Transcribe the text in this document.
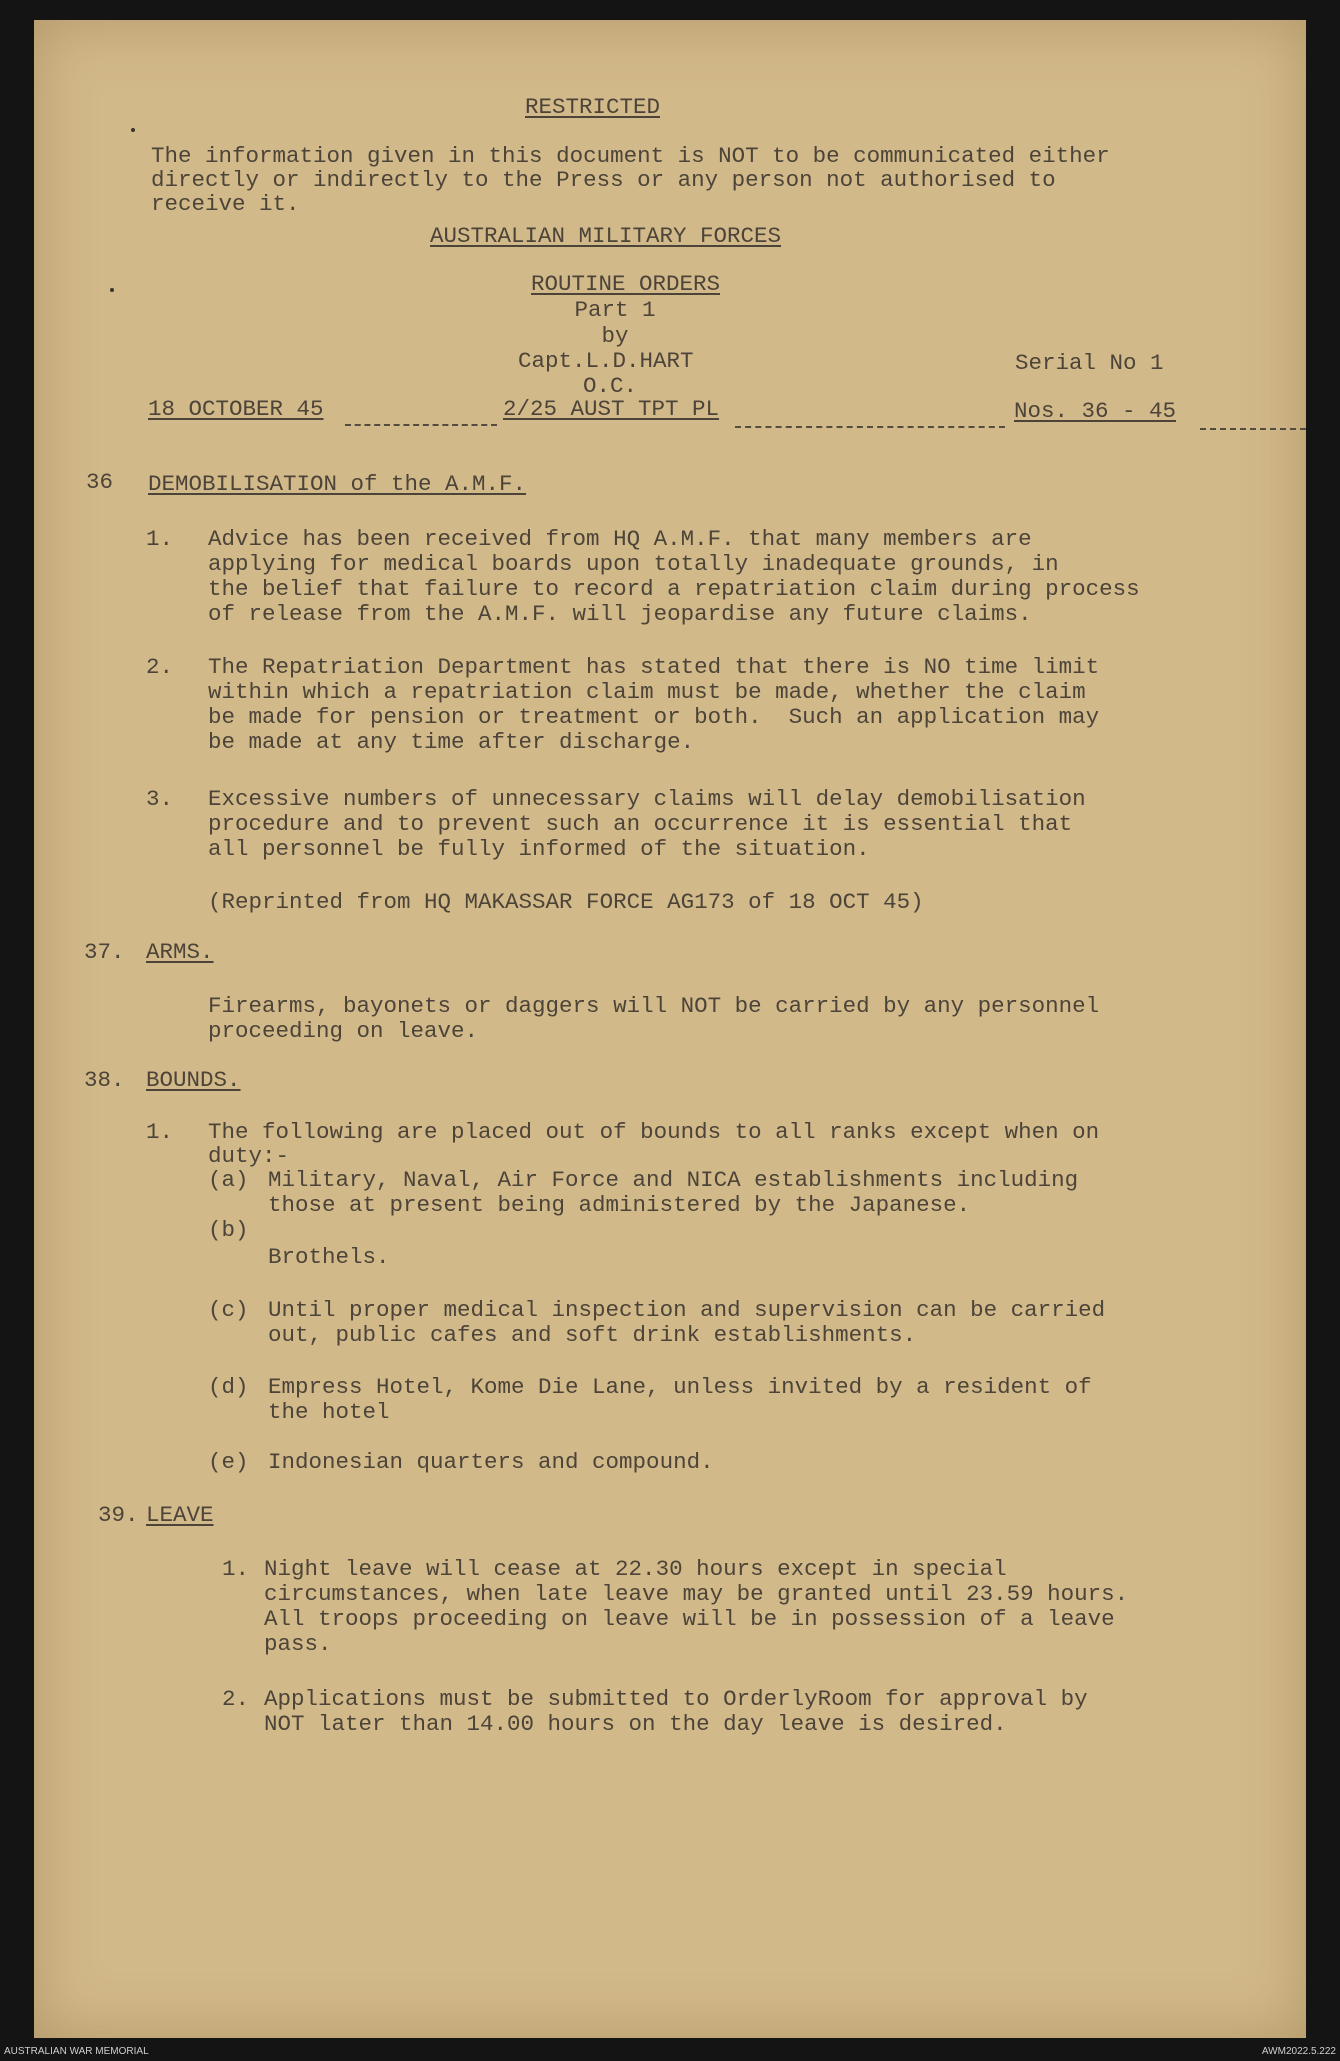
RESTRICTED
The information given in this document is NOT to be communicated either
directly or indirectly to the Press or any person not authorised to
receive it.
AUSTRALIAN MILITARY FORCES
ROUTINE ORDERS
Part 1
by
Capt.L.D.HART	Serial No 1
O.C.
18 OCTOBER 45	2/25 AUST TPT PL	Nos. 36 - 45
36 DEMOBILISATION of the A.M.F.
1. Advice has been received from HQ A.M.F. that many members are
applying for medical boards upon totally inadequate grounds, in
the belief that failure to record a repatriation claim during process
of release from the A.M.F. will jeopardise any future claims.
2. The Repatriation Department has stated that there is NO time limit
within which a repatriation claim must be made, whether the claim
be made for pension or treatment or both.  Such an application may
be made at any time after discharge.
3. Excessive numbers of unnecessary claims will delay demobilisation
procedure and to prevent such an occurrence it is essential that
all personnel be fully informed of the situation.
(Reprinted from HQ MAKASSAR FORCE AG173 of 18 OCT 45)
37. ARMS.
Firearms, bayonets or daggers will NOT be carried by any personnel
proceeding on leave.
38. BOUNDS.
1. The following are placed out of bounds to all ranks except when on
duty:-
(a) Military, Naval, Air Force and NICA establishments including
those at present being administered by the Japanese.
(b)
Brothels.
(c) Until proper medical inspection and supervision can be carried
out, public cafes and soft drink establishments.
(d) Empress Hotel, Kome Die Lane, unless invited by a resident of
the hotel
(e) Indonesian quarters and compound.
39. LEAVE
1. Night leave will cease at 22.30 hours except in special
circumstances, when late leave may be granted until 23.59 hours.
All troops proceeding on leave will be in possession of a leave
pass.
2. Applications must be submitted to OrderlyRoom for approval by
NOT later than 14.00 hours on the day leave is desired.
AUSTRALIAN WAR MEMORIAL	AWM2022.5.222
